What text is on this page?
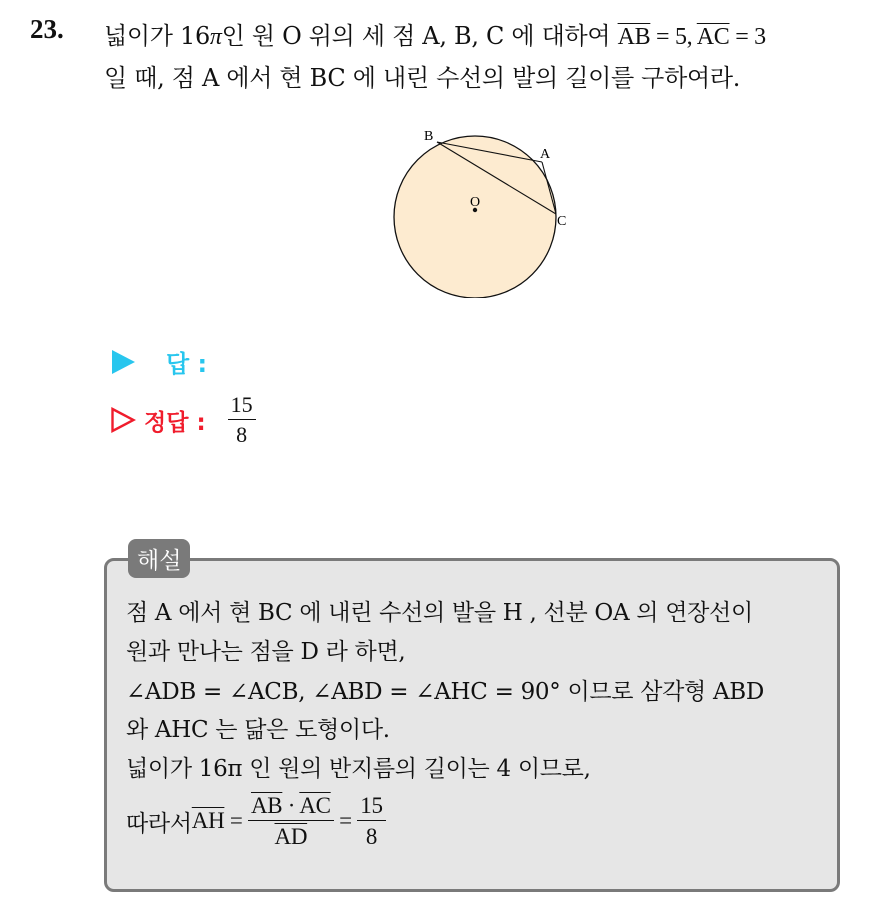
23. 넓이가 16π인 원 O 위의 세 점 A, B, C 에 대하여 $\overline{AB} = 5$, $\overline{AC} = 3$
일 때, 점 A 에서 현 BC 에 내린 수선의 발의 길이를 구하여라.
B
A
O
C
답 :
정답 : $\frac{15}{8}$
해설
점 A 에서 현 BC 에 내린 수선의 발을 H , 선분 OA 의 연장선이
원과 만나는 점을 D 라 하면,
∠ADB = ∠ACB, ∠ABD = ∠AHC = 90° 이므로 삼각형 ABD
와 AHC 는 닮은 도형이다.
넓이가 16π 인 원의 반지름의 길이는 4 이므로,
따라서 $\overline{AH} = \frac{\overline{AB} \cdot \overline{AC}}{AD} = \frac{15}{8}$
